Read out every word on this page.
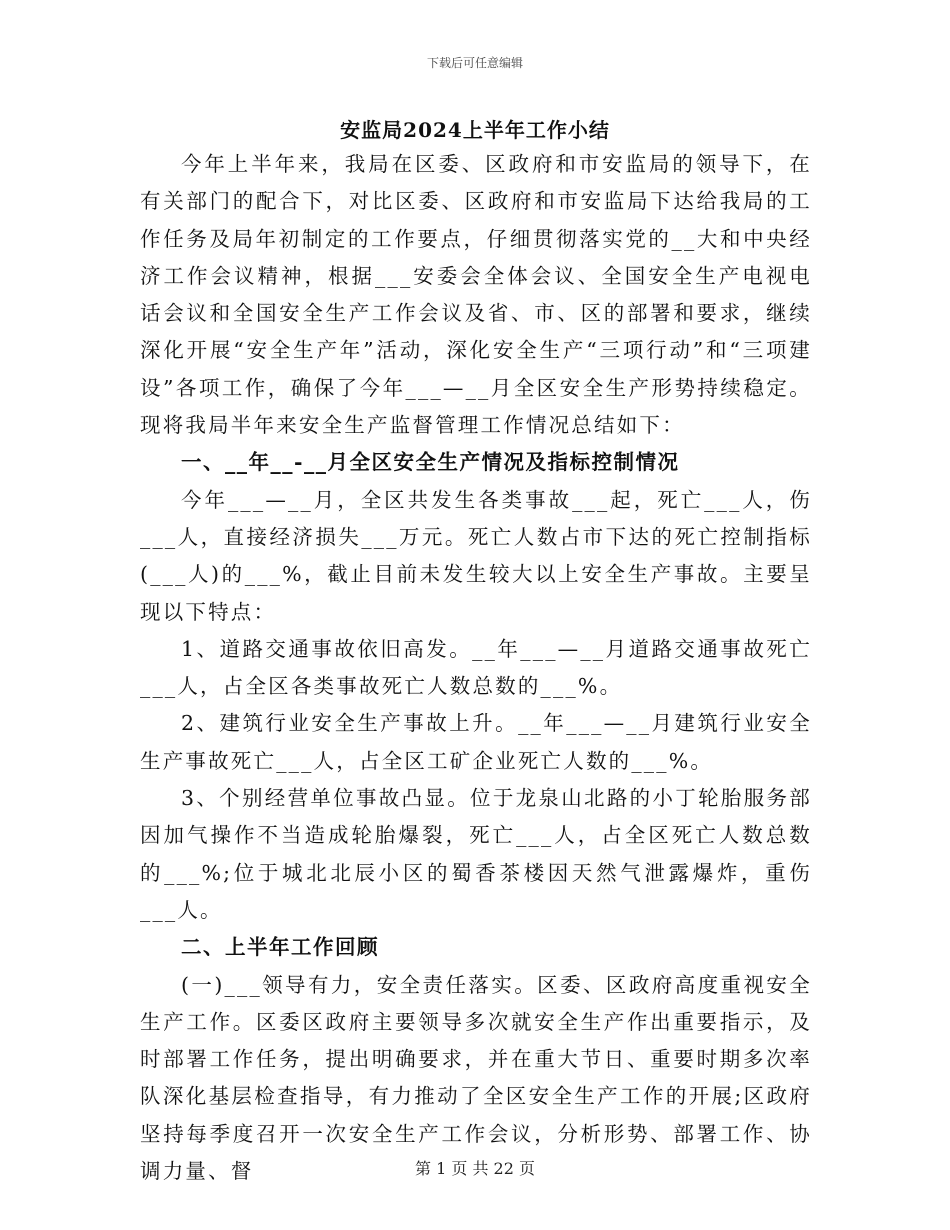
下载后可任意编辑
安监局2024上半年工作小结

今年上半年来，我局在区委、区政府和市安监局的领导下，在有关部门的配合下，对比区委、区政府和市安监局下达给我局的工作任务及局年初制定的工作要点，仔细贯彻落实党的__大和中央经济工作会议精神，根据___安委会全体会议、全国安全生产电视电话会议和全国安全生产工作会议及省、市、区的部署和要求，继续深化开展“安全生产年”活动，深化安全生产“三项行动”和“三项建设”各项工作，确保了今年___—__月全区安全生产形势持续稳定。现将我局半年来安全生产监督管理工作情况总结如下：

一、__年__-__月全区安全生产情况及指标控制情况

今年___—__月，全区共发生各类事故___起，死亡___人，伤___人，直接经济损失___万元。死亡人数占市下达的死亡控制指标(___人)的___%，截止目前未发生较大以上安全生产事故。主要呈现以下特点：

1、道路交通事故依旧高发。__年___—__月道路交通事故死亡___人，占全区各类事故死亡人数总数的___%。

2、建筑行业安全生产事故上升。__年___—__月建筑行业安全生产事故死亡___人，占全区工矿企业死亡人数的___%。

3、个别经营单位事故凸显。位于龙泉山北路的小丁轮胎服务部因加气操作不当造成轮胎爆裂，死亡___人，占全区死亡人数总数的___%;位于城北北辰小区的蜀香茶楼因天然气泄露爆炸，重伤___人。

二、上半年工作回顾

(一)___领导有力，安全责任落实。区委、区政府高度重视安全生产工作。区委区政府主要领导多次就安全生产作出重要指示，及时部署工作任务，提出明确要求，并在重大节日、重要时期多次率队深化基层检查指导，有力推动了全区安全生产工作的开展;区政府坚持每季度召开一次安全生产工作会议，分析形势、部署工作、协调力量、督	第 1 页 共 22 页
